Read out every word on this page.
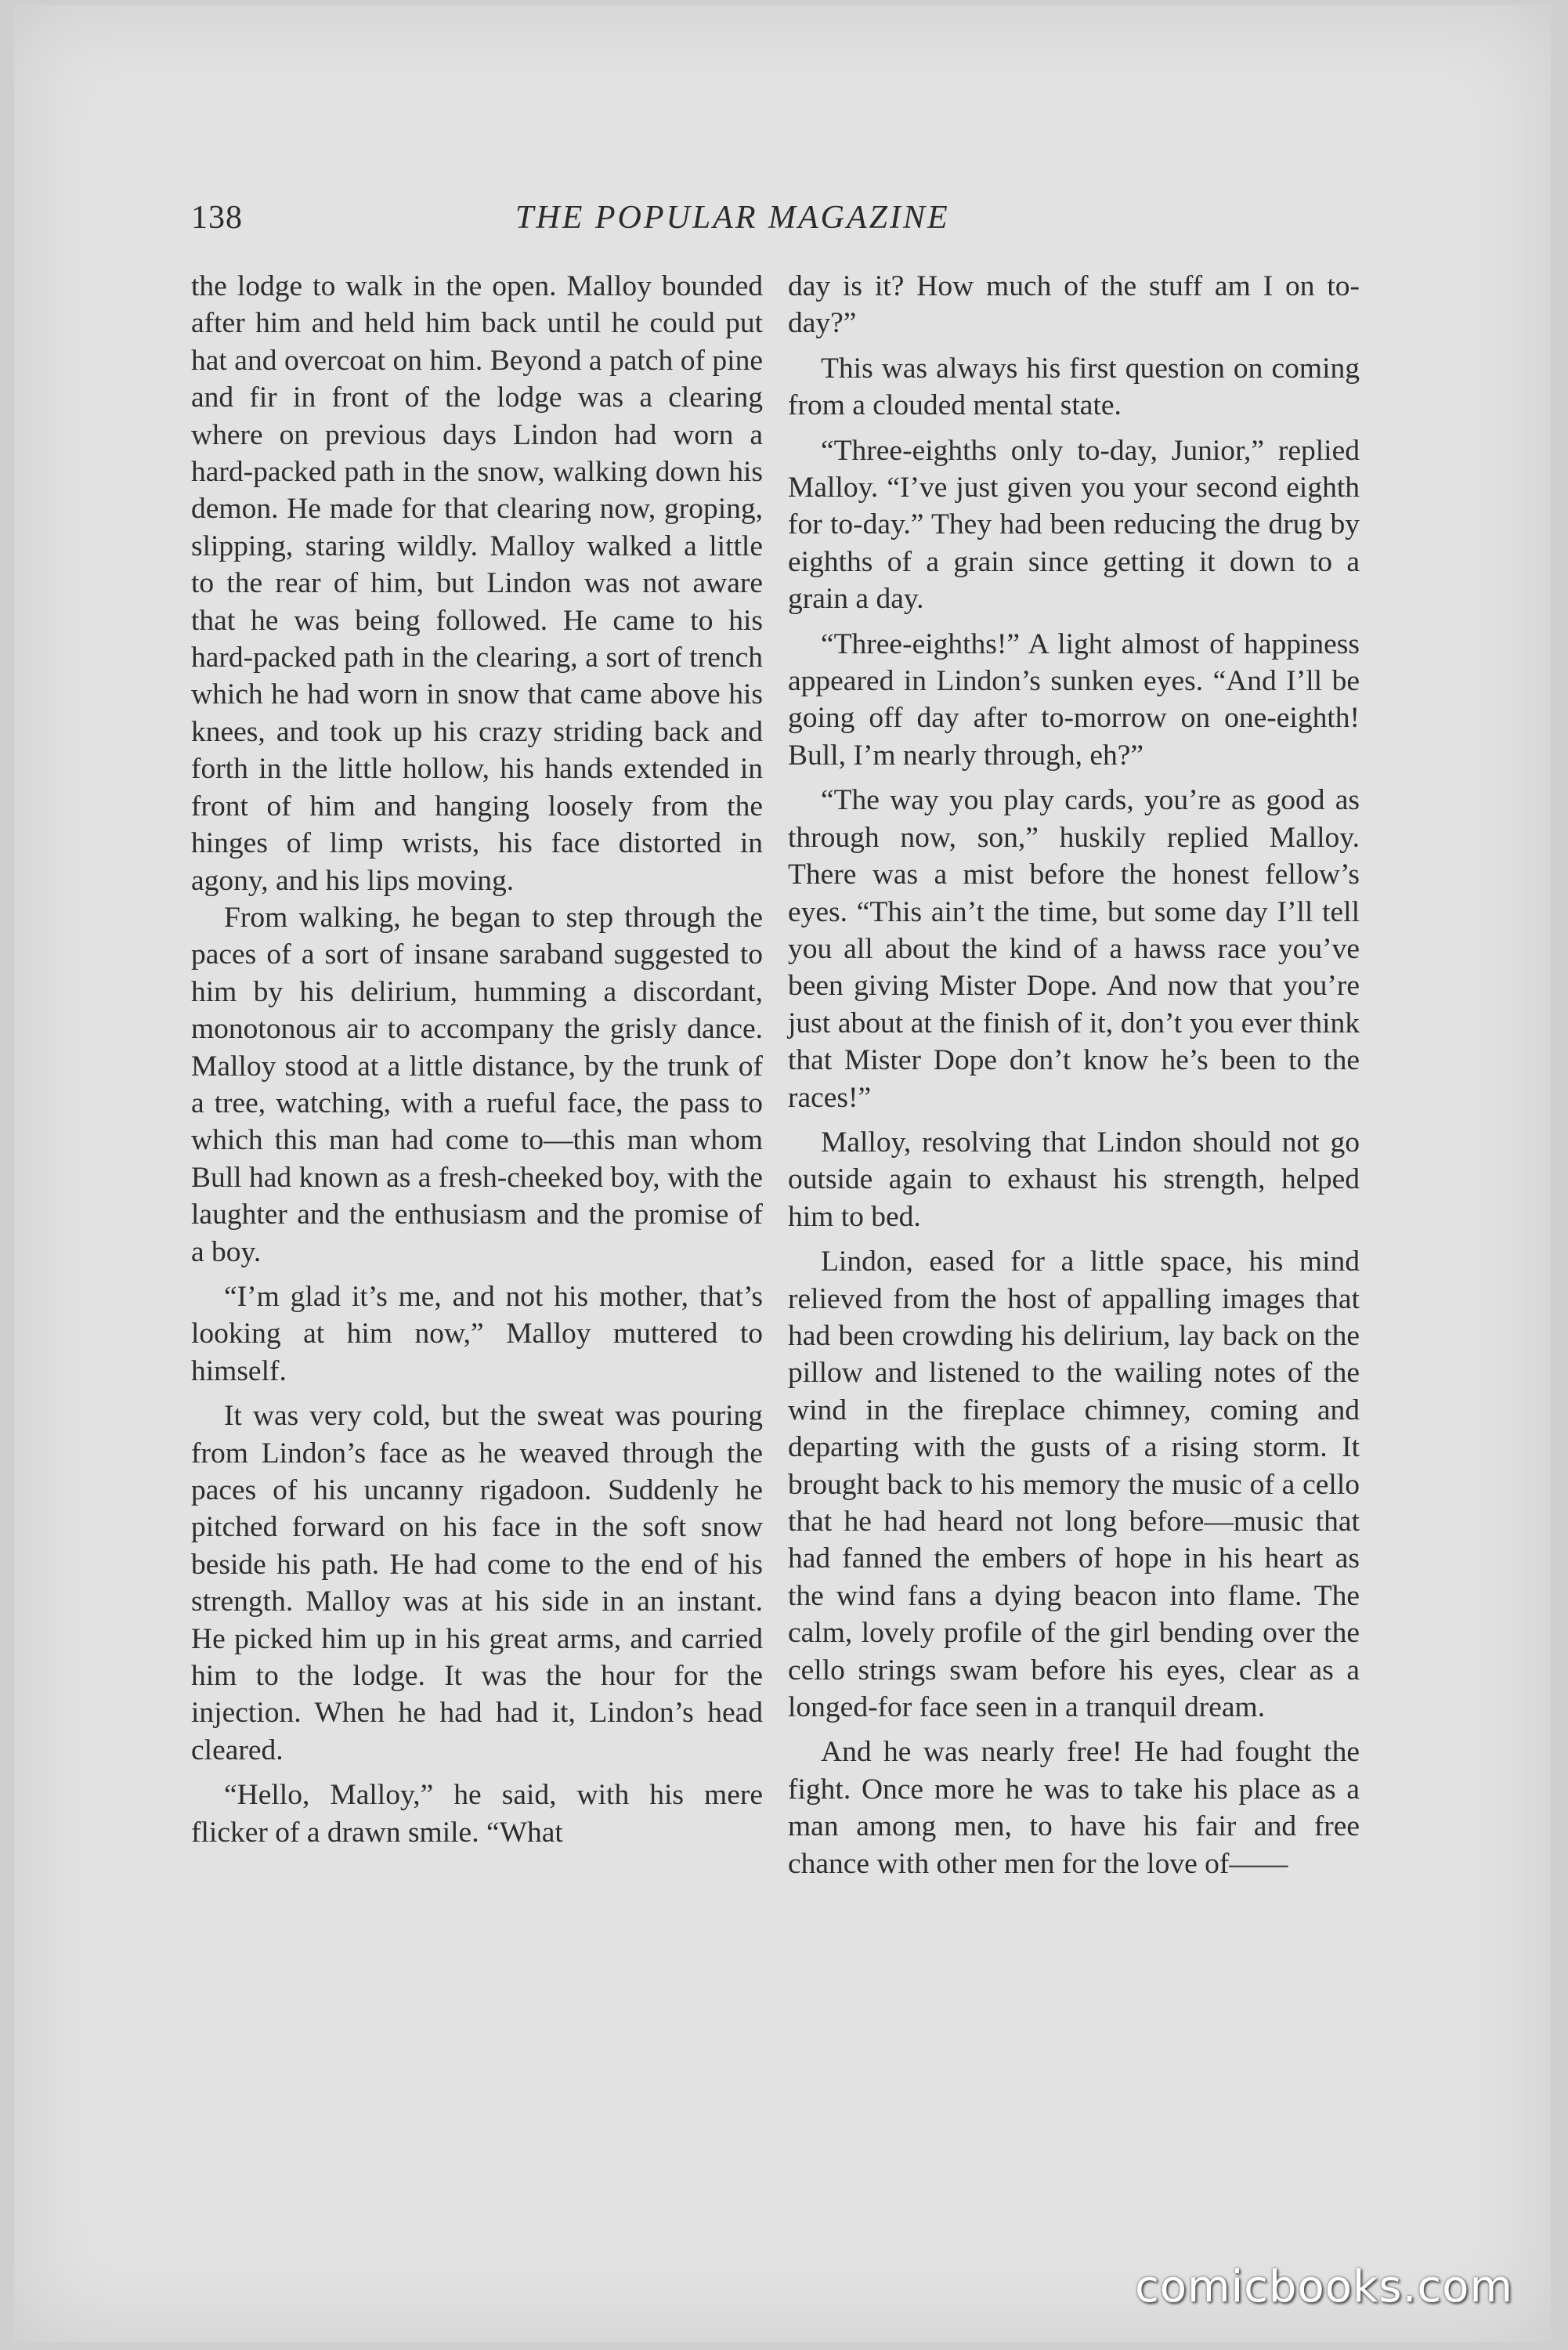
138	THE POPULAR MAGAZINE

the lodge to walk in the open. Malloy bounded after him and held him back until he could put hat and overcoat on him. Beyond a patch of pine and fir in front of the lodge was a clearing where on previous days Lindon had worn a hard-packed path in the snow, walking down his demon. He made for that clearing now, groping, slipping, staring wildly. Malloy walked a little to the rear of him, but Lindon was not aware that he was being followed. He came to his hard-packed path in the clearing, a sort of trench which he had worn in snow that came above his knees, and took up his crazy striding back and forth in the little hollow, his hands extended in front of him and hanging loosely from the hinges of limp wrists, his face distorted in agony, and his lips moving.

From walking, he began to step through the paces of a sort of insane saraband suggested to him by his delirium, humming a discordant, monotonous air to accompany the grisly dance. Malloy stood at a little distance, by the trunk of a tree, watching, with a rueful face, the pass to which this man had come to—this man whom Bull had known as a fresh-cheeked boy, with the laughter and the enthusiasm and the promise of a boy.

“I’m glad it’s me, and not his mother, that’s looking at him now,” Malloy muttered to himself.

It was very cold, but the sweat was pouring from Lindon’s face as he weaved through the paces of his uncanny rigadoon. Suddenly he pitched forward on his face in the soft snow beside his path. He had come to the end of his strength. Malloy was at his side in an instant. He picked him up in his great arms, and carried him to the lodge. It was the hour for the injection. When he had had it, Lindon’s head cleared.

“Hello, Malloy,” he said, with his mere flicker of a drawn smile. “What

day is it? How much of the stuff am I on to-day?”

This was always his first question on coming from a clouded mental state.

“Three-eighths only to-day, Junior,” replied Malloy. “I’ve just given you your second eighth for to-day.” They had been reducing the drug by eighths of a grain since getting it down to a grain a day.

“Three-eighths!” A light almost of happiness appeared in Lindon’s sunken eyes. “And I’ll be going off day after to-morrow on one-eighth! Bull, I’m nearly through, eh?”

“The way you play cards, you’re as good as through now, son,” huskily replied Malloy. There was a mist before the honest fellow’s eyes. “This ain’t the time, but some day I’ll tell you all about the kind of a hawss race you’ve been giving Mister Dope. And now that you’re just about at the finish of it, don’t you ever think that Mister Dope don’t know he’s been to the races!”

Malloy, resolving that Lindon should not go outside again to exhaust his strength, helped him to bed.

Lindon, eased for a little space, his mind relieved from the host of appalling images that had been crowding his delirium, lay back on the pillow and listened to the wailing notes of the wind in the fireplace chimney, coming and departing with the gusts of a rising storm. It brought back to his memory the music of a cello that he had heard not long before—music that had fanned the embers of hope in his heart as the wind fans a dying beacon into flame. The calm, lovely profile of the girl bending over the cello strings swam before his eyes, clear as a longed-for face seen in a tranquil dream.

And he was nearly free! He had fought the fight. Once more he was to take his place as a man among men, to have his fair and free chance with other men for the love of——

comicbooks.com
